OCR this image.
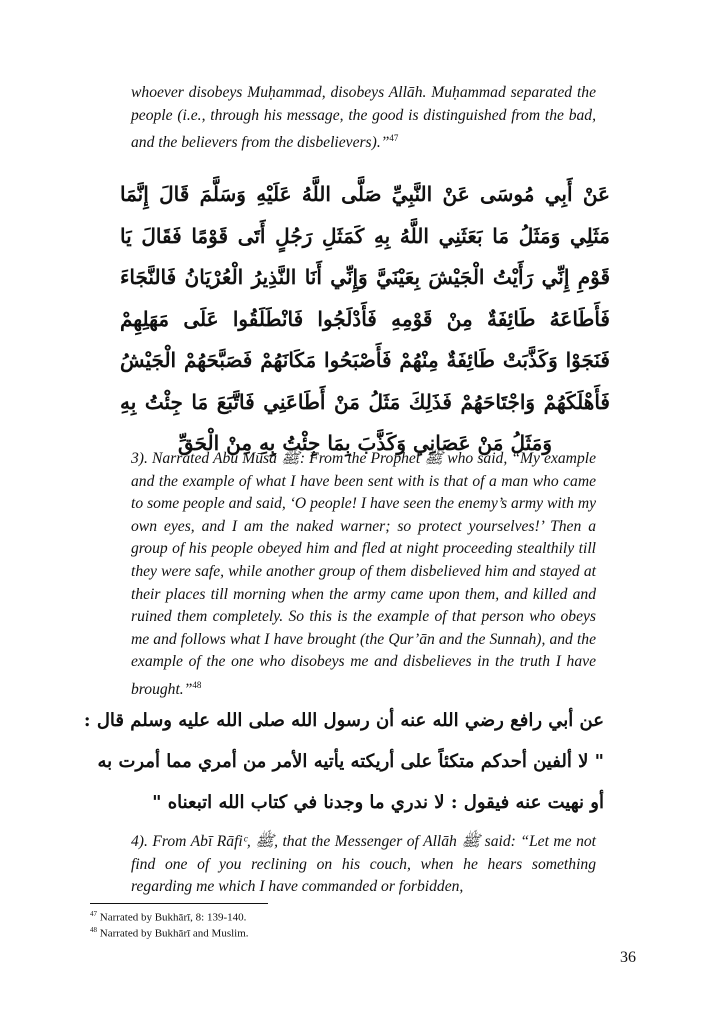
whoever disobeys Muḥammad, disobeys Allāh. Muḥammad separated the people (i.e., through his message, the good is distinguished from the bad, and the believers from the disbelievers).”$^{47}$
عَنْ أَبِي مُوسَى عَنْ النَّبِيِّ صَلَّى اللَّهُ عَلَيْهِ وَسَلَّمَ قَالَ إِنَّمَا مَثَلِي وَمَثَلُ مَا بَعَثَنِي اللَّهُ بِهِ كَمَثَلِ رَجُلٍ أَتَى قَوْمًا فَقَالَ يَا قَوْمِ إِنِّي رَأَيْتُ الْجَيْشَ بِعَيْنَيَّ وَإِنِّي أَنَا النَّذِيرُ الْعُرْيَانُ فَالنَّجَاءَ فَأَطَاعَهُ طَائِفَةٌ مِنْ قَوْمِهِ فَأَدْلَجُوا فَانْطَلَقُوا عَلَى مَهَلِهِمْ فَنَجَوْا وَكَذَّبَتْ طَائِفَةٌ مِنْهُمْ فَأَصْبَحُوا مَكَانَهُمْ فَصَبَّحَهُمْ الْجَيْشُ فَأَهْلَكَهُمْ وَاجْتَاحَهُمْ فَذَلِكَ مَثَلُ مَنْ أَطَاعَنِي فَاتَّبَعَ مَا جِئْتُ بِهِ وَمَثَلُ مَنْ عَصَانِي وَكَذَّبَ بِمَا جِئْتُ بِهِ مِنْ الْحَقِّ
3). Narrated Abū Mūsā ﷺ: From the Prophet ﷺ who said, “My example and the example of what I have been sent with is that of a man who came to some people and said, ‘O people! I have seen the enemy’s army with my own eyes, and I am the naked warner; so protect yourselves!’ Then a group of his people obeyed him and fled at night proceeding stealthily till they were safe, while another group of them disbelieved him and stayed at their places till morning when the army came upon them, and killed and ruined them completely. So this is the example of that person who obeys me and follows what I have brought (the Qur’ān and the Sunnah), and the example of the one who disobeys me and disbelieves in the truth I have brought.”$^{48}$
عن أبي رافع رضي الله عنه أن رسول الله صلى الله عليه وسلم قال :
" لا ألفين أحدكم متكئاً على أريكته يأتيه الأمر من أمري مما أمرت به
أو نهيت عنه فيقول : لا ندري ما وجدنا في كتاب الله اتبعناه "
4). From Abī Rāfiᶜ, ﷺ, that the Messenger of Allāh ﷺ said: “Let me not find one of you reclining on his couch, when he hears something regarding me which I have commanded or forbidden,
$^{47}$ Narrated by Bukhārī, 8: 139-140.
$^{48}$ Narrated by Bukhārī and Muslim.
36
